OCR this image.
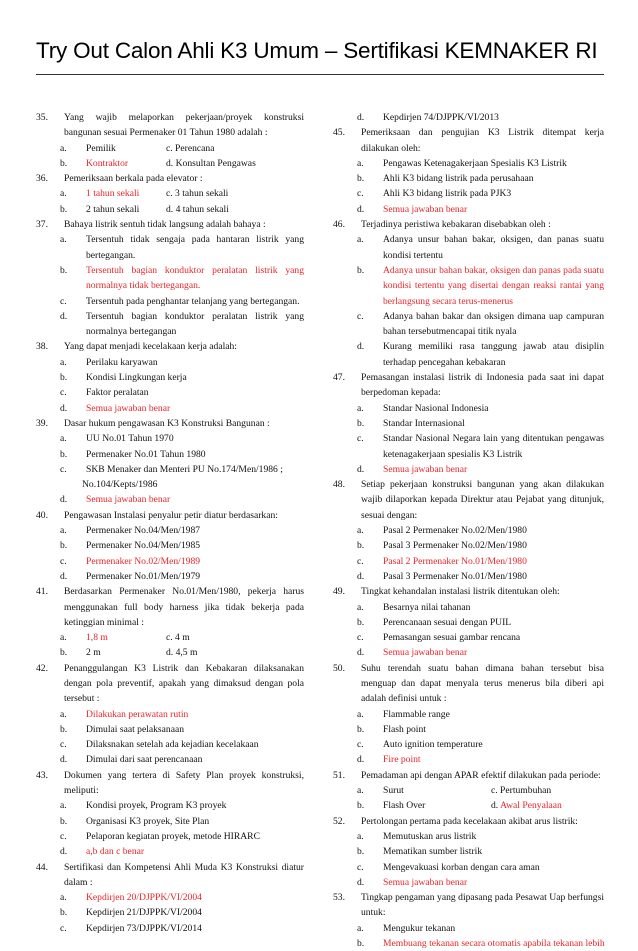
Try Out Calon Ahli K3 Umum – Sertifikasi KEMNAKER RI
35. Yang wajib melaporkan pekerjaan/proyek konstruksi bangunan sesuai Permenaker 01 Tahun 1980 adalah :
a. Pemilik	c. Perencana
b. Kontraktor	d. Konsultan Pengawas
36. Pemeriksaan berkala pada elevator :
a. 1 tahun sekali	c. 3 tahun sekali
b. 2 tahun sekali	d. 4 tahun sekali
37. Bahaya listrik sentuh tidak langsung adalah bahaya :
a. Tersentuh tidak sengaja pada hantaran listrik yang bertegangan.
b. Tersentuh bagian konduktor peralatan listrik yang normalnya tidak bertegangan.
c. Tersentuh pada penghantar telanjang yang bertegangan.
d. Tersentuh bagian konduktor peralatan listrik yang normalnya bertegangan
38. Yang dapat menjadi kecelakaan kerja adalah:
a. Perilaku karyawan
b. Kondisi Lingkungan kerja
c. Faktor peralatan
d. Semua jawaban benar
39. Dasar hukum pengawasan K3 Konstruksi Bangunan :
a. UU No.01 Tahun 1970
b. Permenaker No.01 Tahun 1980
c. SKB Menaker dan Menteri PU No.174/Men/1986 ;
No.104/Kepts/1986
d. Semua jawaban benar
40. Pengawasan Instalasi penyalur petir diatur berdasarkan:
a. Permenaker No.04/Men/1987
b. Permenaker No.04/Men/1985
c. Permenaker No.02/Men/1989
d. Permenaker No.01/Men/1979
41. Berdasarkan Permenaker No.01/Men/1980, pekerja harus menggunakan full body harness jika tidak bekerja pada ketinggian minimal :
a. 1,8 m	c. 4 m
b. 2 m	d. 4,5 m
42. Penanggulangan K3 Listrik dan Kebakaran dilaksanakan dengan pola preventif, apakah yang dimaksud dengan pola tersebut :
a. Dilakukan perawatan rutin
b. Dimulai saat pelaksanaan
c. Dilaksnakan setelah ada kejadian kecelakaan
d. Dimulai dari saat perencanaan
43. Dokumen yang tertera di Safety Plan proyek konstruksi, meliputi:
a. Kondisi proyek, Program K3 proyek
b. Organisasi K3 proyek, Site Plan
c. Pelaporan kegiatan proyek, metode HIRARC
d. a,b dan c benar
44. Sertifikasi dan Kompetensi Ahli Muda K3 Konstruksi diatur dalam :
a. Kepdirjen 20/DJPPK/VI/2004
b. Kepdirjen 21/DJPPK/VI/2004
c. Kepdirjen 73/DJPPK/VI/2014
d. Kepdirjen 74/DJPPK/VI/2013
45. Pemeriksaan dan pengujian K3 Listrik ditempat kerja dilakukan oleh:
a. Pengawas Ketenagakerjaan Spesialis K3 Listrik
b. Ahli K3 bidang listrik pada perusahaan
c. Ahli K3 bidang listrik pada PJK3
d. Semua jawaban benar
46. Terjadinya peristiwa kebakaran disebabkan oleh :
a. Adanya unsur bahan bakar, oksigen, dan panas suatu kondisi tertentu
b. Adanya unsur bahan bakar, oksigen dan panas pada suatu kondisi tertentu yang disertai dengan reaksi rantai yang berlangsung secara terus-menerus
c. Adanya bahan bakar dan oksigen dimana uap campuran bahan tersebutmencapai titik nyala
d. Kurang memiliki rasa tanggung jawab atau disiplin terhadap pencegahan kebakaran
47. Pemasangan instalasi listrik di Indonesia pada saat ini dapat berpedoman kepada:
a. Standar Nasional Indonesia
b. Standar Internasional
c. Standar Nasional Negara lain yang ditentukan pengawas ketenagakerjaan spesialis K3 Listrik
d. Semua jawaban benar
48. Setiap pekerjaan konstruksi bangunan yang akan dilakukan wajib dilaporkan kepada Direktur atau Pejabat yang ditunjuk, sesuai dengan:
a. Pasal 2 Permenaker No.02/Men/1980
b. Pasal 3 Permenaker No.02/Men/1980
c. Pasal 2 Permenaker No.01/Men/1980
d. Pasal 3 Permenaker No.01/Men/1980
49. Tingkat kehandalan instalasi listrik ditentukan oleh:
a. Besarnya nilai tahanan
b. Perencanaan sesuai dengan PUIL
c. Pemasangan sesuai gambar rencana
d. Semua jawaban benar
50. Suhu terendah suatu bahan dimana bahan tersebut bisa menguap dan dapat menyala terus menerus bila diberi api adalah definisi untuk :
a. Flammable range
b. Flash point
c. Auto ignition temperature
d. Fire point
51. Pemadaman api dengan APAR efektif dilakukan pada periode:
a. Surut	c. Pertumbuhan
b. Flash Over	d. Awal Penyalaan
52. Pertolongan pertama pada kecelakaan akibat arus listrik:
a. Memutuskan arus listrik
b. Mematikan sumber listrik
c. Mengevakuasi korban dengan cara aman
d. Semua jawaban benar
53. Tingkap pengaman yang dipasang pada Pesawat Uap berfungsi untuk:
a. Mengukur tekanan
b. Membuang tekanan secara otomatis apabila tekanan lebih
